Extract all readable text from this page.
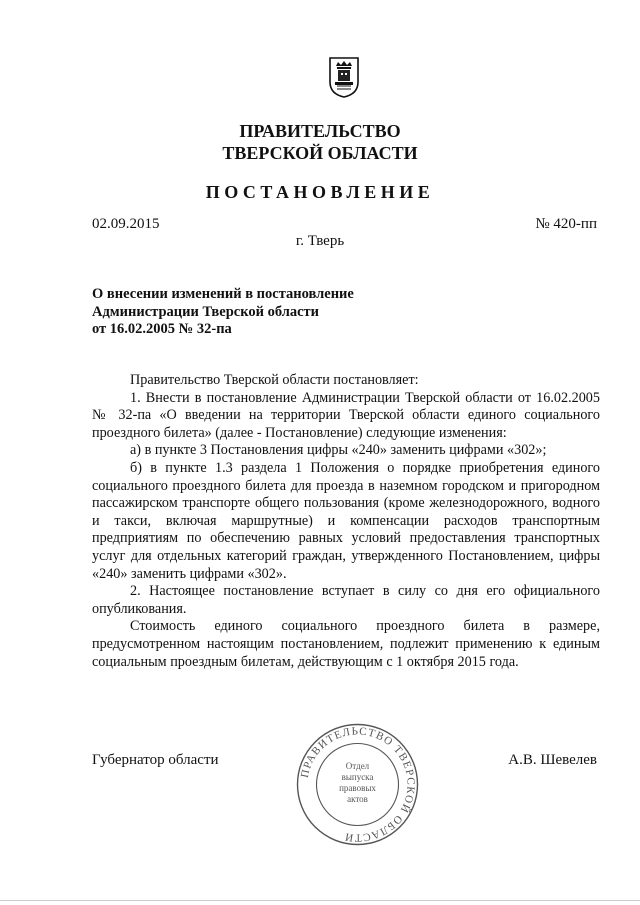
ПРАВИТЕЛЬСТВО
ТВЕРСКОЙ ОБЛАСТИ
ПОСТАНОВЛЕНИЕ
02.09.2015	№ 420-пп
г. Тверь
О внесении изменений в постановление
Администрации Тверской области
от 16.02.2005 № 32-па

Правительство Тверской области постановляет:

1. Внести в постановление Администрации Тверской области от 16.02.2005 № 32-па «О введении на территории Тверской области единого социального проездного билета» (далее - Постановление) следующие изменения:

а) в пункте 3 Постановления цифры «240» заменить цифрами «302»;

б) в пункте 1.3 раздела 1 Положения о порядке приобретения единого социального проездного билета для проезда в наземном городском и пригородном пассажирском транспорте общего пользования (кроме железнодорожного, водного и такси, включая маршрутные) и компенсации расходов транспортным предприятиям по обеспечению равных условий предоставления транспортных услуг для отдельных категорий граждан, утвержденного Постановлением, цифры «240» заменить цифрами «302».

2. Настоящее постановление вступает в силу со дня его официального опубликования.

Стоимость единого социального проездного билета в размере, предусмотренном настоящим постановлением, подлежит применению к единым социальным проездным билетам, действующим с 1 октября 2015 года.

Губернатор области	А.В. Шевелев
ПРАВИТЕЛЬСТВО ТВЕРСКОЙ ОБЛАСТИ
Отдел
выпуска
правовых
актов
